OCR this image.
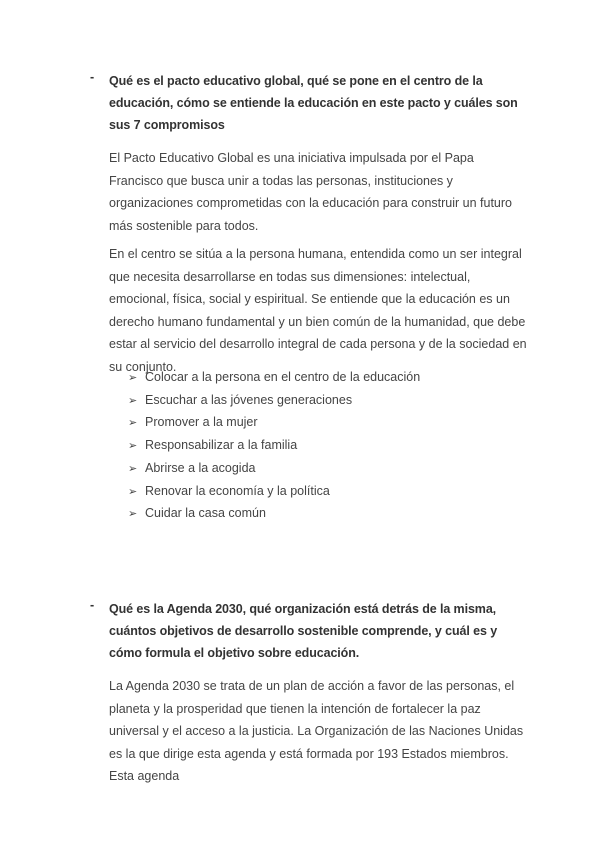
- Qué es el pacto educativo global, qué se pone en el centro de la educación, cómo se entiende la educación en este pacto y cuáles son sus 7 compromisos
El Pacto Educativo Global es una iniciativa impulsada por el Papa Francisco que busca unir a todas las personas, instituciones y organizaciones comprometidas con la educación para construir un futuro más sostenible para todos.
En el centro se sitúa a la persona humana, entendida como un ser integral que necesita desarrollarse en todas sus dimensiones: intelectual, emocional, física, social y espiritual. Se entiende que la educación es un derecho humano fundamental y un bien común de la humanidad, que debe estar al servicio del desarrollo integral de cada persona y de la sociedad en su conjunto.
➢ Colocar a la persona en el centro de la educación
➢ Escuchar a las jóvenes generaciones
➢ Promover a la mujer
➢ Responsabilizar a la familia
➢ Abrirse a la acogida
➢ Renovar la economía y la política
➢ Cuidar la casa común
- Qué es la Agenda 2030, qué organización está detrás de la misma, cuántos objetivos de desarrollo sostenible comprende, y cuál es y cómo formula el objetivo sobre educación.
La Agenda 2030 se trata de un plan de acción a favor de las personas, el planeta y la prosperidad que tienen la intención de fortalecer la paz universal y el acceso a la justicia. La Organización de las Naciones Unidas es la que dirige esta agenda y está formada por 193 Estados miembros. Esta agenda
